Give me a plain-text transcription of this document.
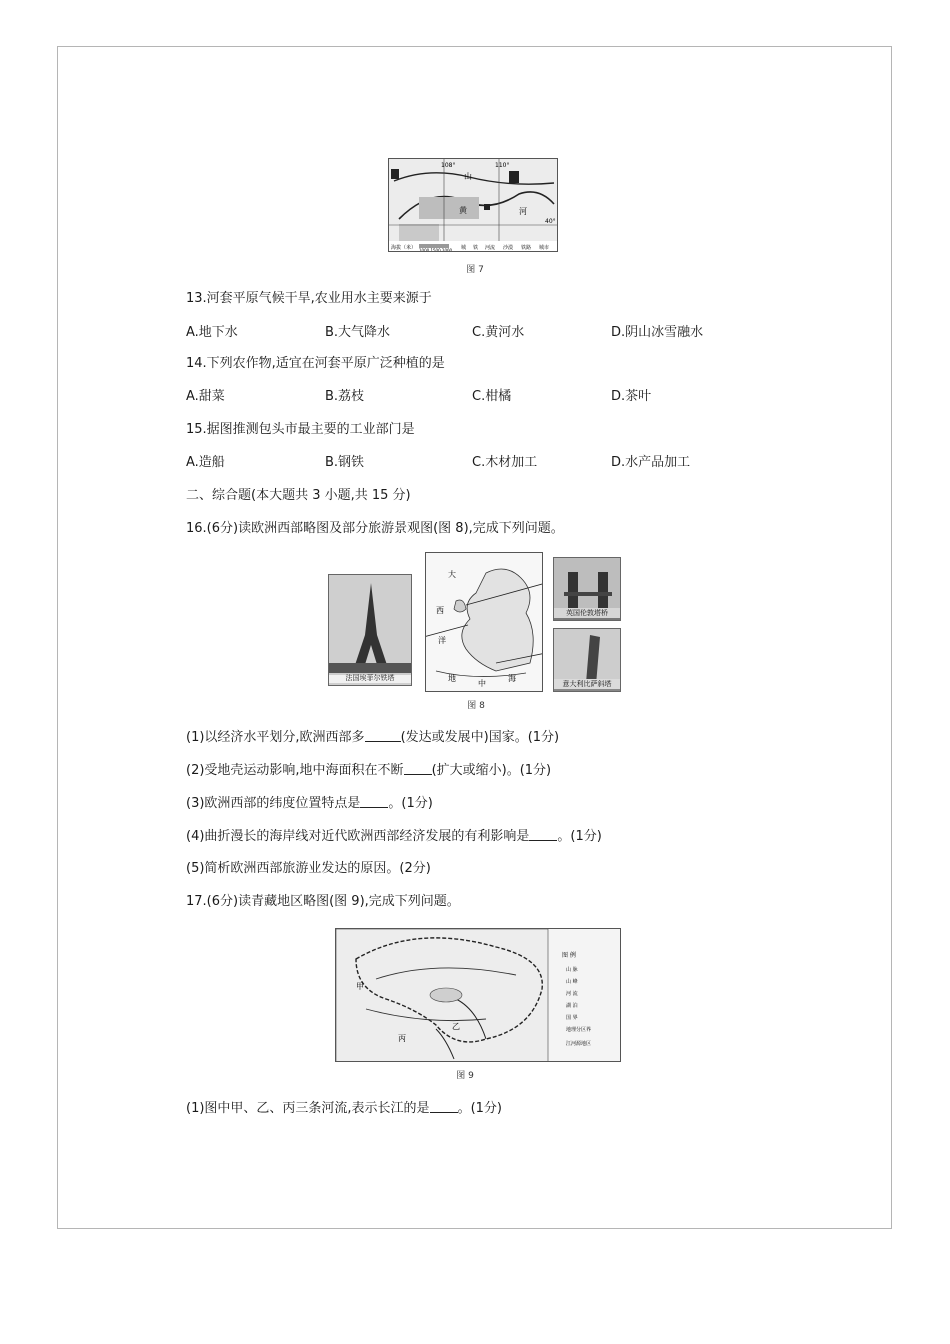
108°	110°
40°
山
黄	河
海拔（米） 1000 1500 2000 城 铁 河流 沙漠 铁路 城市
图 7
13.河套平原气候干旱,农业用水主要来源于
A.地下水	B.大气降水	C.黄河水	D.阴山冰雪融水
14.下列农作物,适宜在河套平原广泛种植的是
A.甜菜	B.荔枝	C.柑橘	D.茶叶
15.据图推测包头市最主要的工业部门是
A.造船	B.钢铁	C.木材加工	D.水产品加工
二、综合题(本大题共 3 小题,共 15 分)
16.(6分)读欧洲西部略图及部分旅游景观图(图 8),完成下列问题。
法国埃菲尔铁塔
大
西
洋
地
中
海
英国伦敦塔桥
意大利比萨斜塔
图 8
(1)以经济水平划分,欧洲西部多	(发达或发展中)国家。(1分)
(2)受地壳运动影响,地中海面积在不断 (扩大或缩小)。(1分)
(3)欧洲西部的纬度位置特点是 。(1分)
(4)曲折漫长的海岸线对近代欧洲西部经济发展的有利影响是 。(1分)
(5)简析欧洲西部旅游业发达的原因。(2分)
17.(6分)读青藏地区略图(图 9),完成下列问题。
甲
乙
丙
图 例
山 脉
山 峰
河 流
湖 泊
国 界
地理分区界
江河源地区
图 9
(1)图中甲、乙、丙三条河流,表示长江的是 。(1分)
